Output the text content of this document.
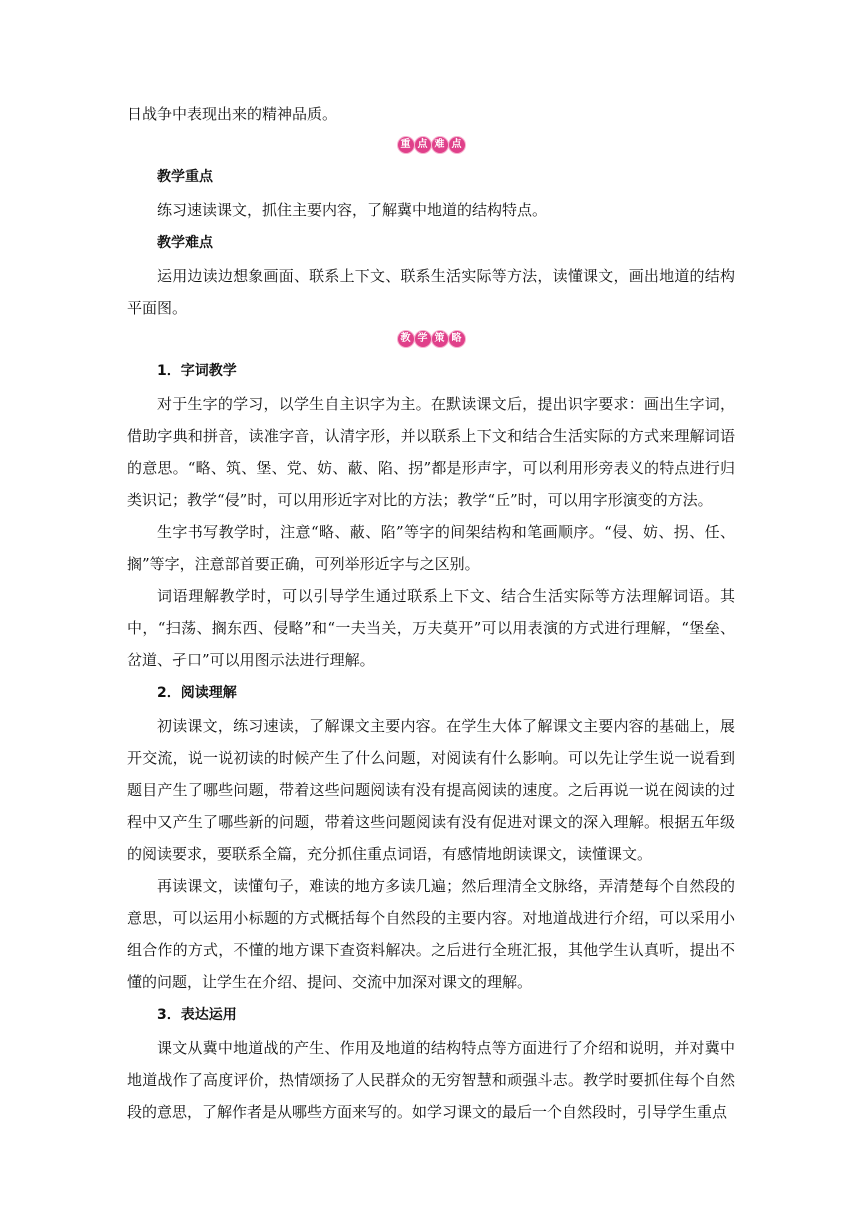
日战争中表现出来的精神品质。

重 点 难 点

教学重点

练习速读课文，抓住主要内容，了解冀中地道的结构特点。

教学难点

运用边读边想象画面、联系上下文、联系生活实际等方法，读懂课文，画出地道的结构平面图。

教 学 策 略

1．字词教学

对于生字的学习，以学生自主识字为主。在默读课文后，提出识字要求：画出生字词，借助字典和拼音，读准字音，认清字形，并以联系上下文和结合生活实际的方式来理解词语的意思。“略、筑、堡、党、妨、蔽、陷、拐”都是形声字，可以利用形旁表义的特点进行归类识记；教学“侵”时，可以用形近字对比的方法；教学“丘”时，可以用字形演变的方法。

生字书写教学时，注意“略、蔽、陷”等字的间架结构和笔画顺序。“侵、妨、拐、任、搁”等字，注意部首要正确，可列举形近字与之区别。

词语理解教学时，可以引导学生通过联系上下文、结合生活实际等方法理解词语。其中，“扫荡、搁东西、侵略”和“一夫当关，万夫莫开”可以用表演的方式进行理解，“堡垒、岔道、孑口”可以用图示法进行理解。

2．阅读理解

初读课文，练习速读，了解课文主要内容。在学生大体了解课文主要内容的基础上，展开交流，说一说初读的时候产生了什么问题，对阅读有什么影响。可以先让学生说一说看到题目产生了哪些问题，带着这些问题阅读有没有提高阅读的速度。之后再说一说在阅读的过程中又产生了哪些新的问题，带着这些问题阅读有没有促进对课文的深入理解。根据五年级的阅读要求，要联系全篇，充分抓住重点词语，有感情地朗读课文，读懂课文。

再读课文，读懂句子，难读的地方多读几遍；然后理清全文脉络，弄清楚每个自然段的意思，可以运用小标题的方式概括每个自然段的主要内容。对地道战进行介绍，可以采用小组合作的方式，不懂的地方课下查资料解决。之后进行全班汇报，其他学生认真听，提出不懂的问题，让学生在介绍、提问、交流中加深对课文的理解。

3．表达运用

课文从冀中地道战的产生、作用及地道的结构特点等方面进行了介绍和说明，并对冀中地道战作了高度评价，热情颂扬了人民群众的无穷智慧和顽强斗志。教学时要抓住每个自然段的意思，了解作者是从哪些方面来写的。如学习课文的最后一个自然段时，引导学生重点
